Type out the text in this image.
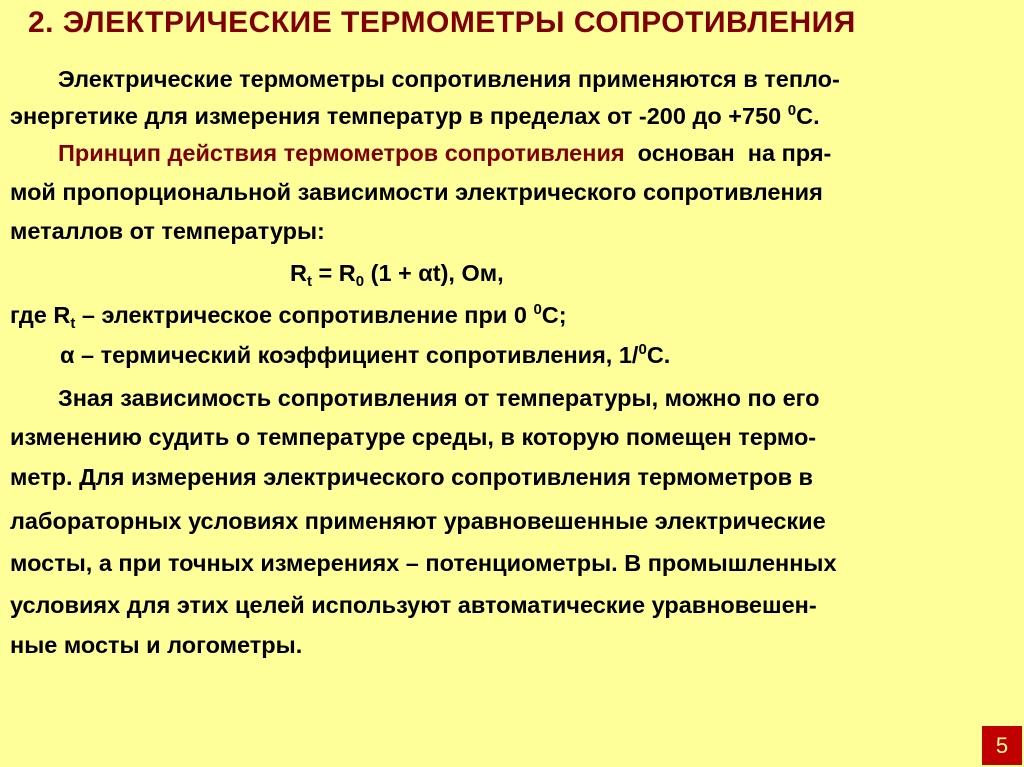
2. ЭЛЕКТРИЧЕСКИЕ ТЕРМОМЕТРЫ СОПРОТИВЛЕНИЯ
Электрические термометры сопротивления применяются в тепло-
энергетике для измерения температур в пределах от -200 до +750 $^0$С.
Принцип действия термометров сопротивления  основан  на пря-
мой пропорциональной зависимости электрического сопротивления
металлов от температуры:
$R_t = R_0$ (1 + αt), Ом,
где $R_t$ – электрическое сопротивление при 0 $^0$С;
α – термический коэффициент сопротивления, 1/$^0$С.
Зная зависимость сопротивления от температуры, можно по его
изменению судить о температуре среды, в которую помещен термо-
метр. Для измерения электрического сопротивления термометров в
лабораторных условиях применяют уравновешенные электрические
мосты, а при точных измерениях – потенциометры. В промышленных
условиях для этих целей используют автоматические уравновешен-
ные мосты и логометры.
5
